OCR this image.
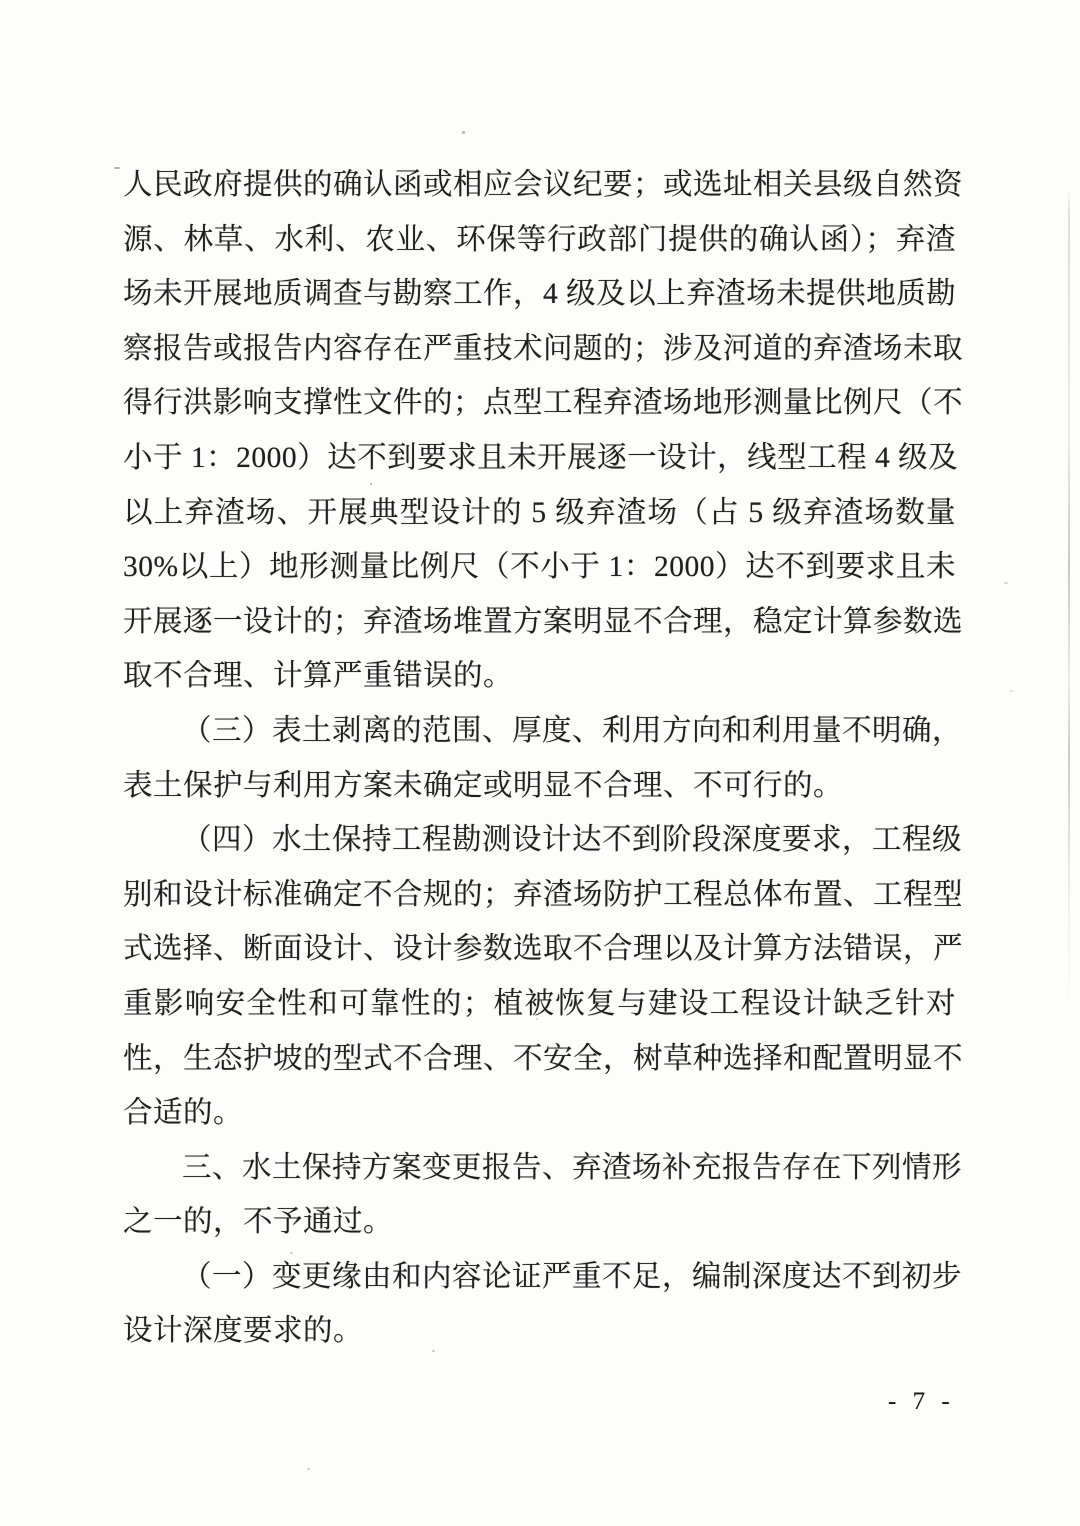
人民政府提供的确认函或相应会议纪要；或选址相关县级自然资
源、林草、水利、农业、环保等行政部门提供的确认函）；弃渣
场未开展地质调查与勘察工作，4 级及以上弃渣场未提供地质勘
察报告或报告内容存在严重技术问题的；涉及河道的弃渣场未取
得行洪影响支撑性文件的；点型工程弃渣场地形测量比例尺（不
小于 1：2000）达不到要求且未开展逐一设计，线型工程 4 级及
以上弃渣场、开展典型设计的 5 级弃渣场（占 5 级弃渣场数量
30%以上）地形测量比例尺（不小于 1：2000）达不到要求且未
开展逐一设计的；弃渣场堆置方案明显不合理，稳定计算参数选
取不合理、计算严重错误的。
（三）表土剥离的范围、厚度、利用方向和利用量不明确，
表土保护与利用方案未确定或明显不合理、不可行的。
（四）水土保持工程勘测设计达不到阶段深度要求，工程级
别和设计标准确定不合规的；弃渣场防护工程总体布置、工程型
式选择、断面设计、设计参数选取不合理以及计算方法错误，严
重影响安全性和可靠性的；植被恢复与建设工程设计缺乏针对
性，生态护坡的型式不合理、不安全，树草种选择和配置明显不
合适的。
三、水土保持方案变更报告、弃渣场补充报告存在下列情形
之一的，不予通过。
（一）变更缘由和内容论证严重不足，编制深度达不到初步
设计深度要求的。
- 7 -
